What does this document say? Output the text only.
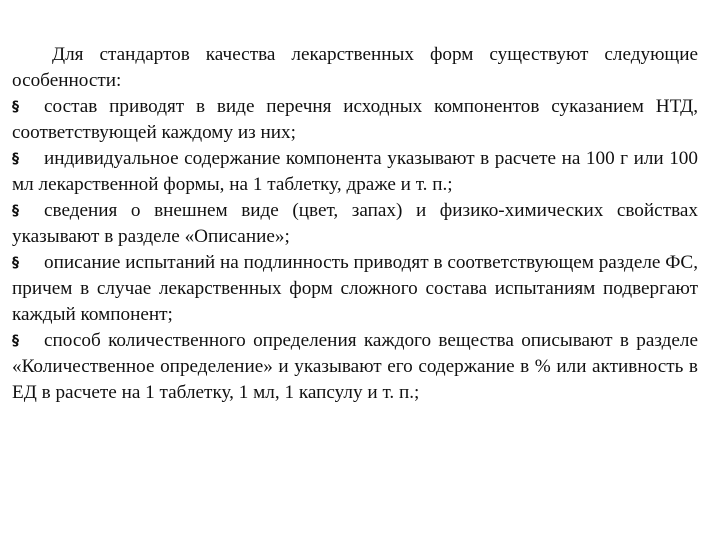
Для стандартов качества лекарственных форм существуют следующие особенности:

§ состав приводят в виде перечня исходных компонентов суказанием НТД, соответствующей каждому из них;

§ индивидуальное содержание компонента указывают в расчете на 100 г или 100 мл лекарственной формы, на 1 таблетку, драже и т. п.;

§ сведения о внешнем виде (цвет, запах) и физико-химических свойствах указывают в разделе «Описание»;

§ описание испытаний на подлинность приводят в соответствующем разделе ФС, причем в случае лекарственных форм сложного состава испытаниям подвергают каждый компонент;

§ способ количественного определения каждого вещества описывают в разделе «Количественное определение» и указывают его содержание в % или активность в ЕД в расчете на 1 таблетку, 1 мл, 1 капсулу и т. п.;
